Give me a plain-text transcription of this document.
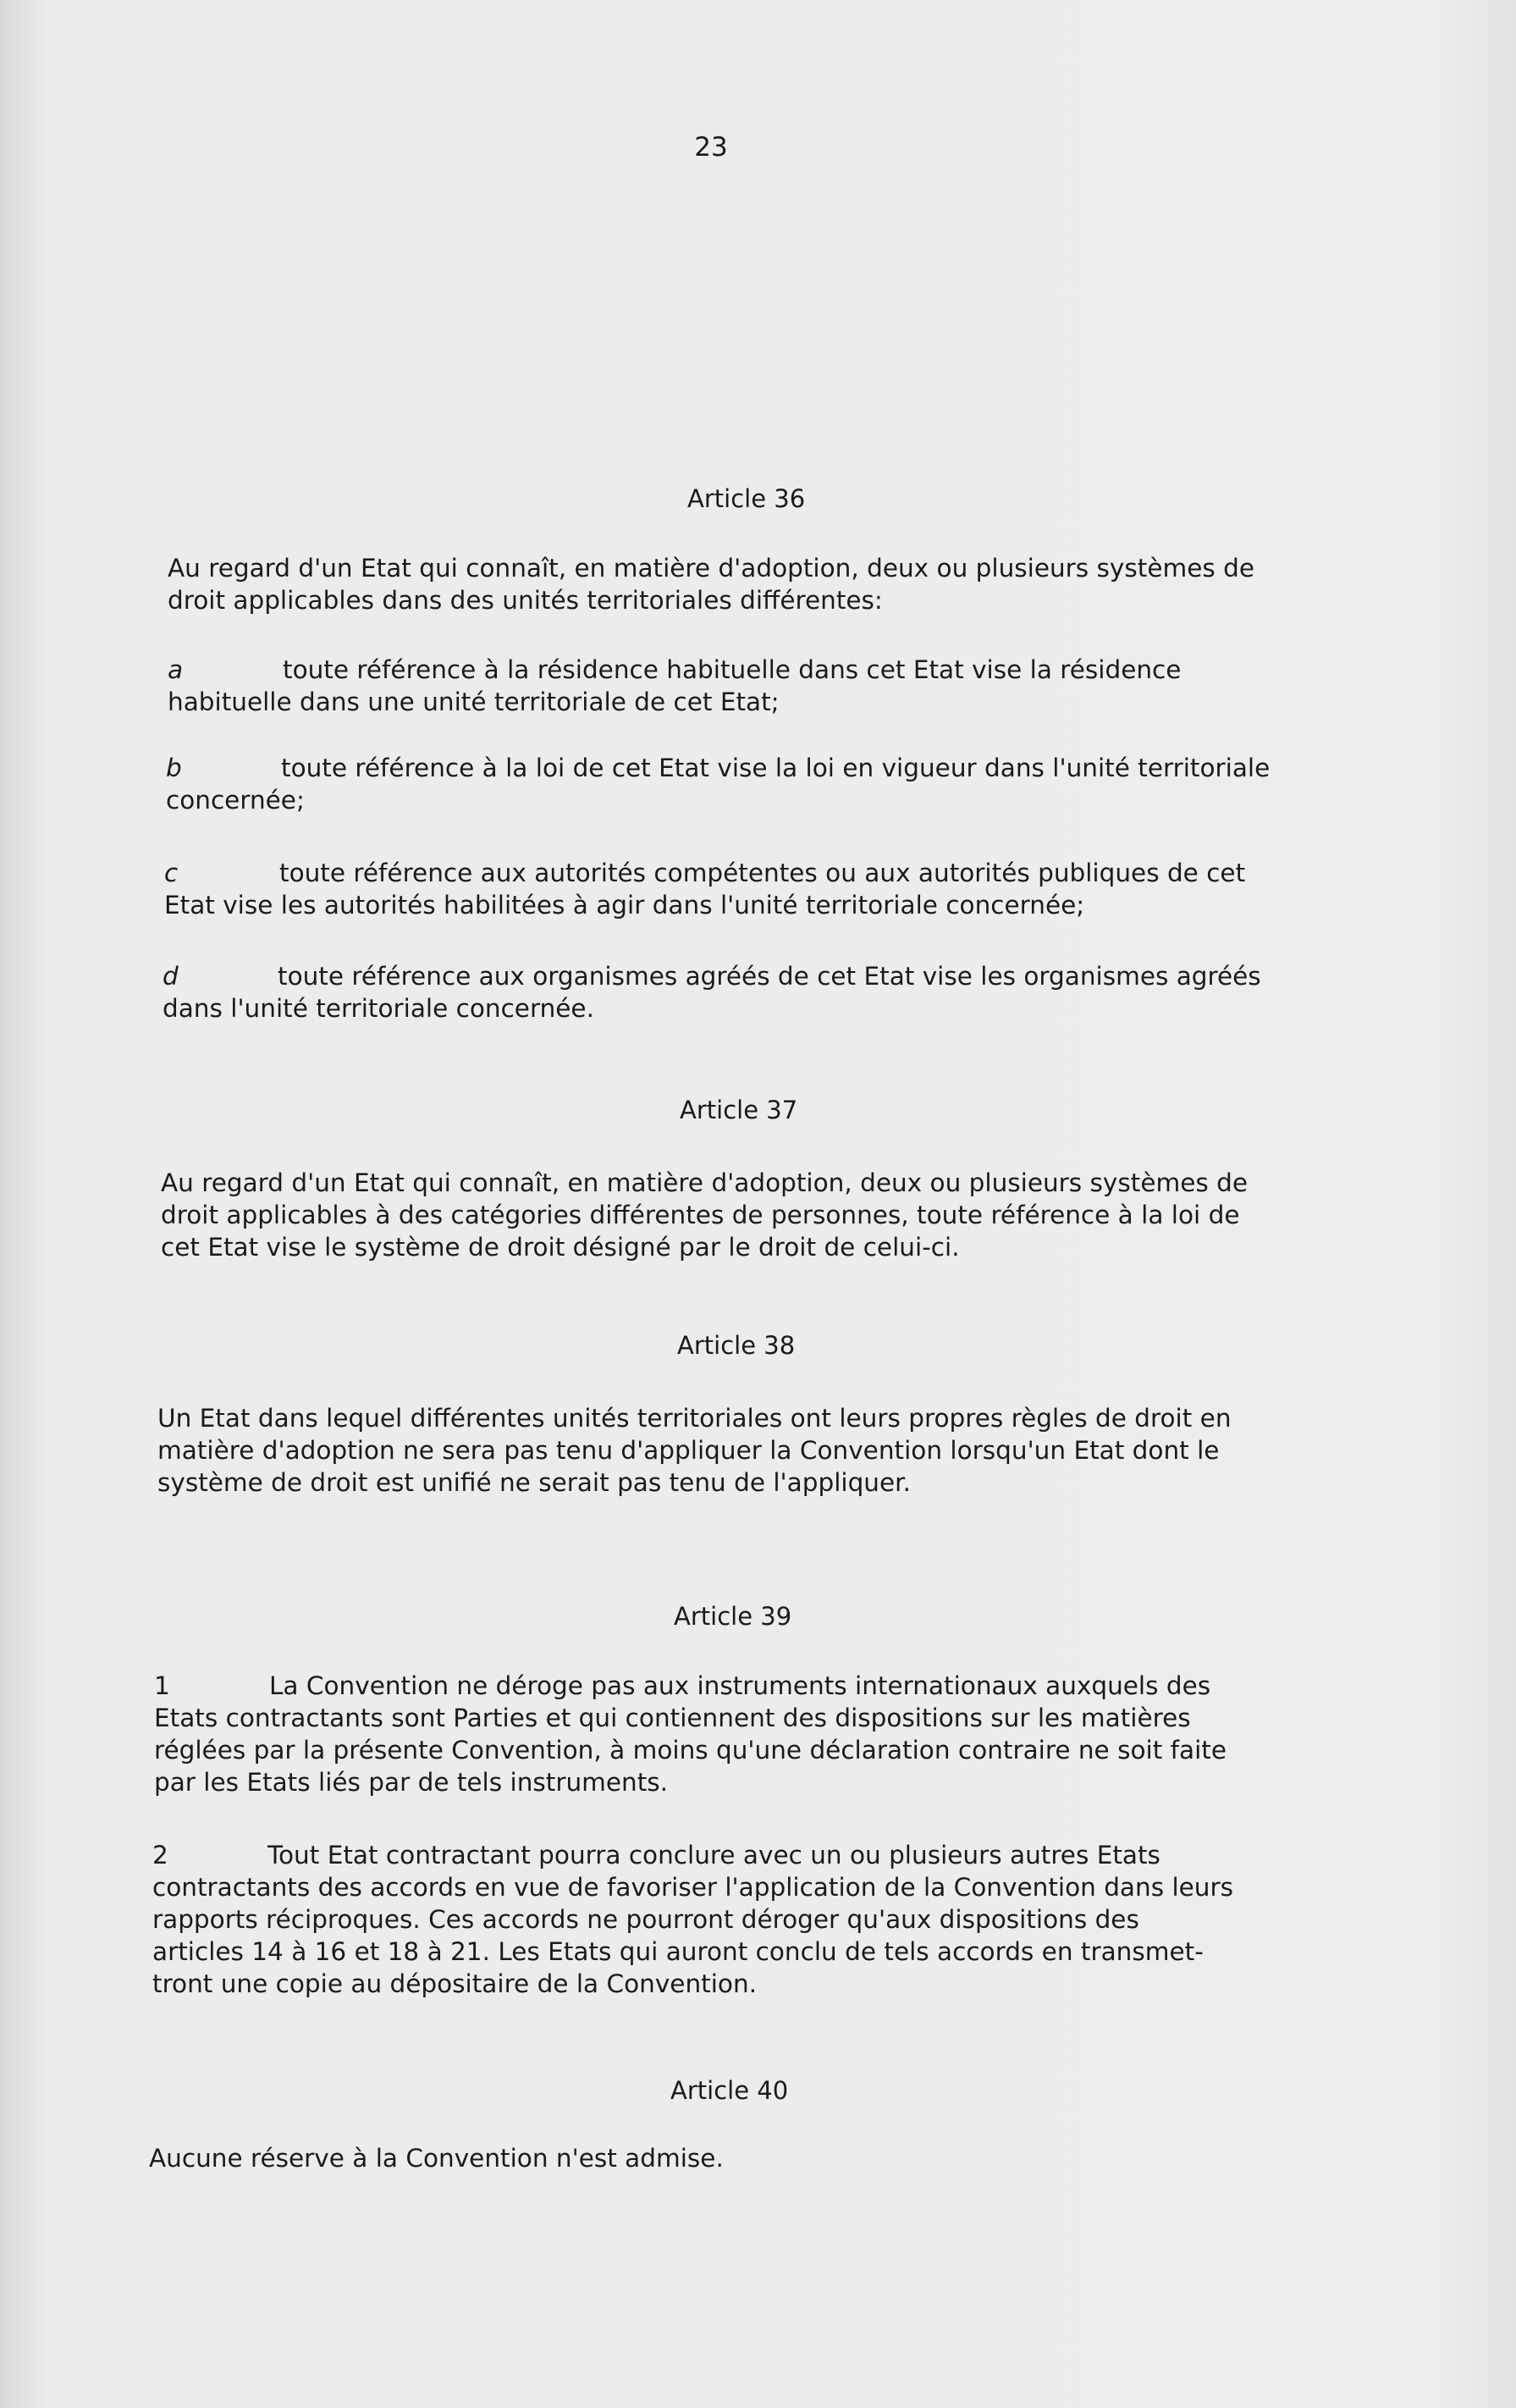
23
Article 36
Au regard d'un Etat qui connaît, en matière d'adoption, deux ou plusieurs systèmes de
droit applicables dans des unités territoriales différentes:
a	toute référence à la résidence habituelle dans cet Etat vise la résidence
habituelle dans une unité territoriale de cet Etat;
b	toute référence à la loi de cet Etat vise la loi en vigueur dans l'unité territoriale
concernée;
c	toute référence aux autorités compétentes ou aux autorités publiques de cet
Etat vise les autorités habilitées à agir dans l'unité territoriale concernée;
d	toute référence aux organismes agréés de cet Etat vise les organismes agréés
dans l'unité territoriale concernée.
Article 37
Au regard d'un Etat qui connaît, en matière d'adoption, deux ou plusieurs systèmes de
droit applicables à des catégories différentes de personnes, toute référence à la loi de
cet Etat vise le système de droit désigné par le droit de celui-ci.
Article 38
Un Etat dans lequel différentes unités territoriales ont leurs propres règles de droit en
matière d'adoption ne sera pas tenu d'appliquer la Convention lorsqu'un Etat dont le
système de droit est unifié ne serait pas tenu de l'appliquer.
Article 39
1	La Convention ne déroge pas aux instruments internationaux auxquels des
Etats contractants sont Parties et qui contiennent des dispositions sur les matières
réglées par la présente Convention, à moins qu'une déclaration contraire ne soit faite
par les Etats liés par de tels instruments.
2	Tout Etat contractant pourra conclure avec un ou plusieurs autres Etats
contractants des accords en vue de favoriser l'application de la Convention dans leurs
rapports réciproques. Ces accords ne pourront déroger qu'aux dispositions des
articles 14 à 16 et 18 à 21. Les Etats qui auront conclu de tels accords en transmet-
tront une copie au dépositaire de la Convention.
Article 40
Aucune réserve à la Convention n'est admise.
